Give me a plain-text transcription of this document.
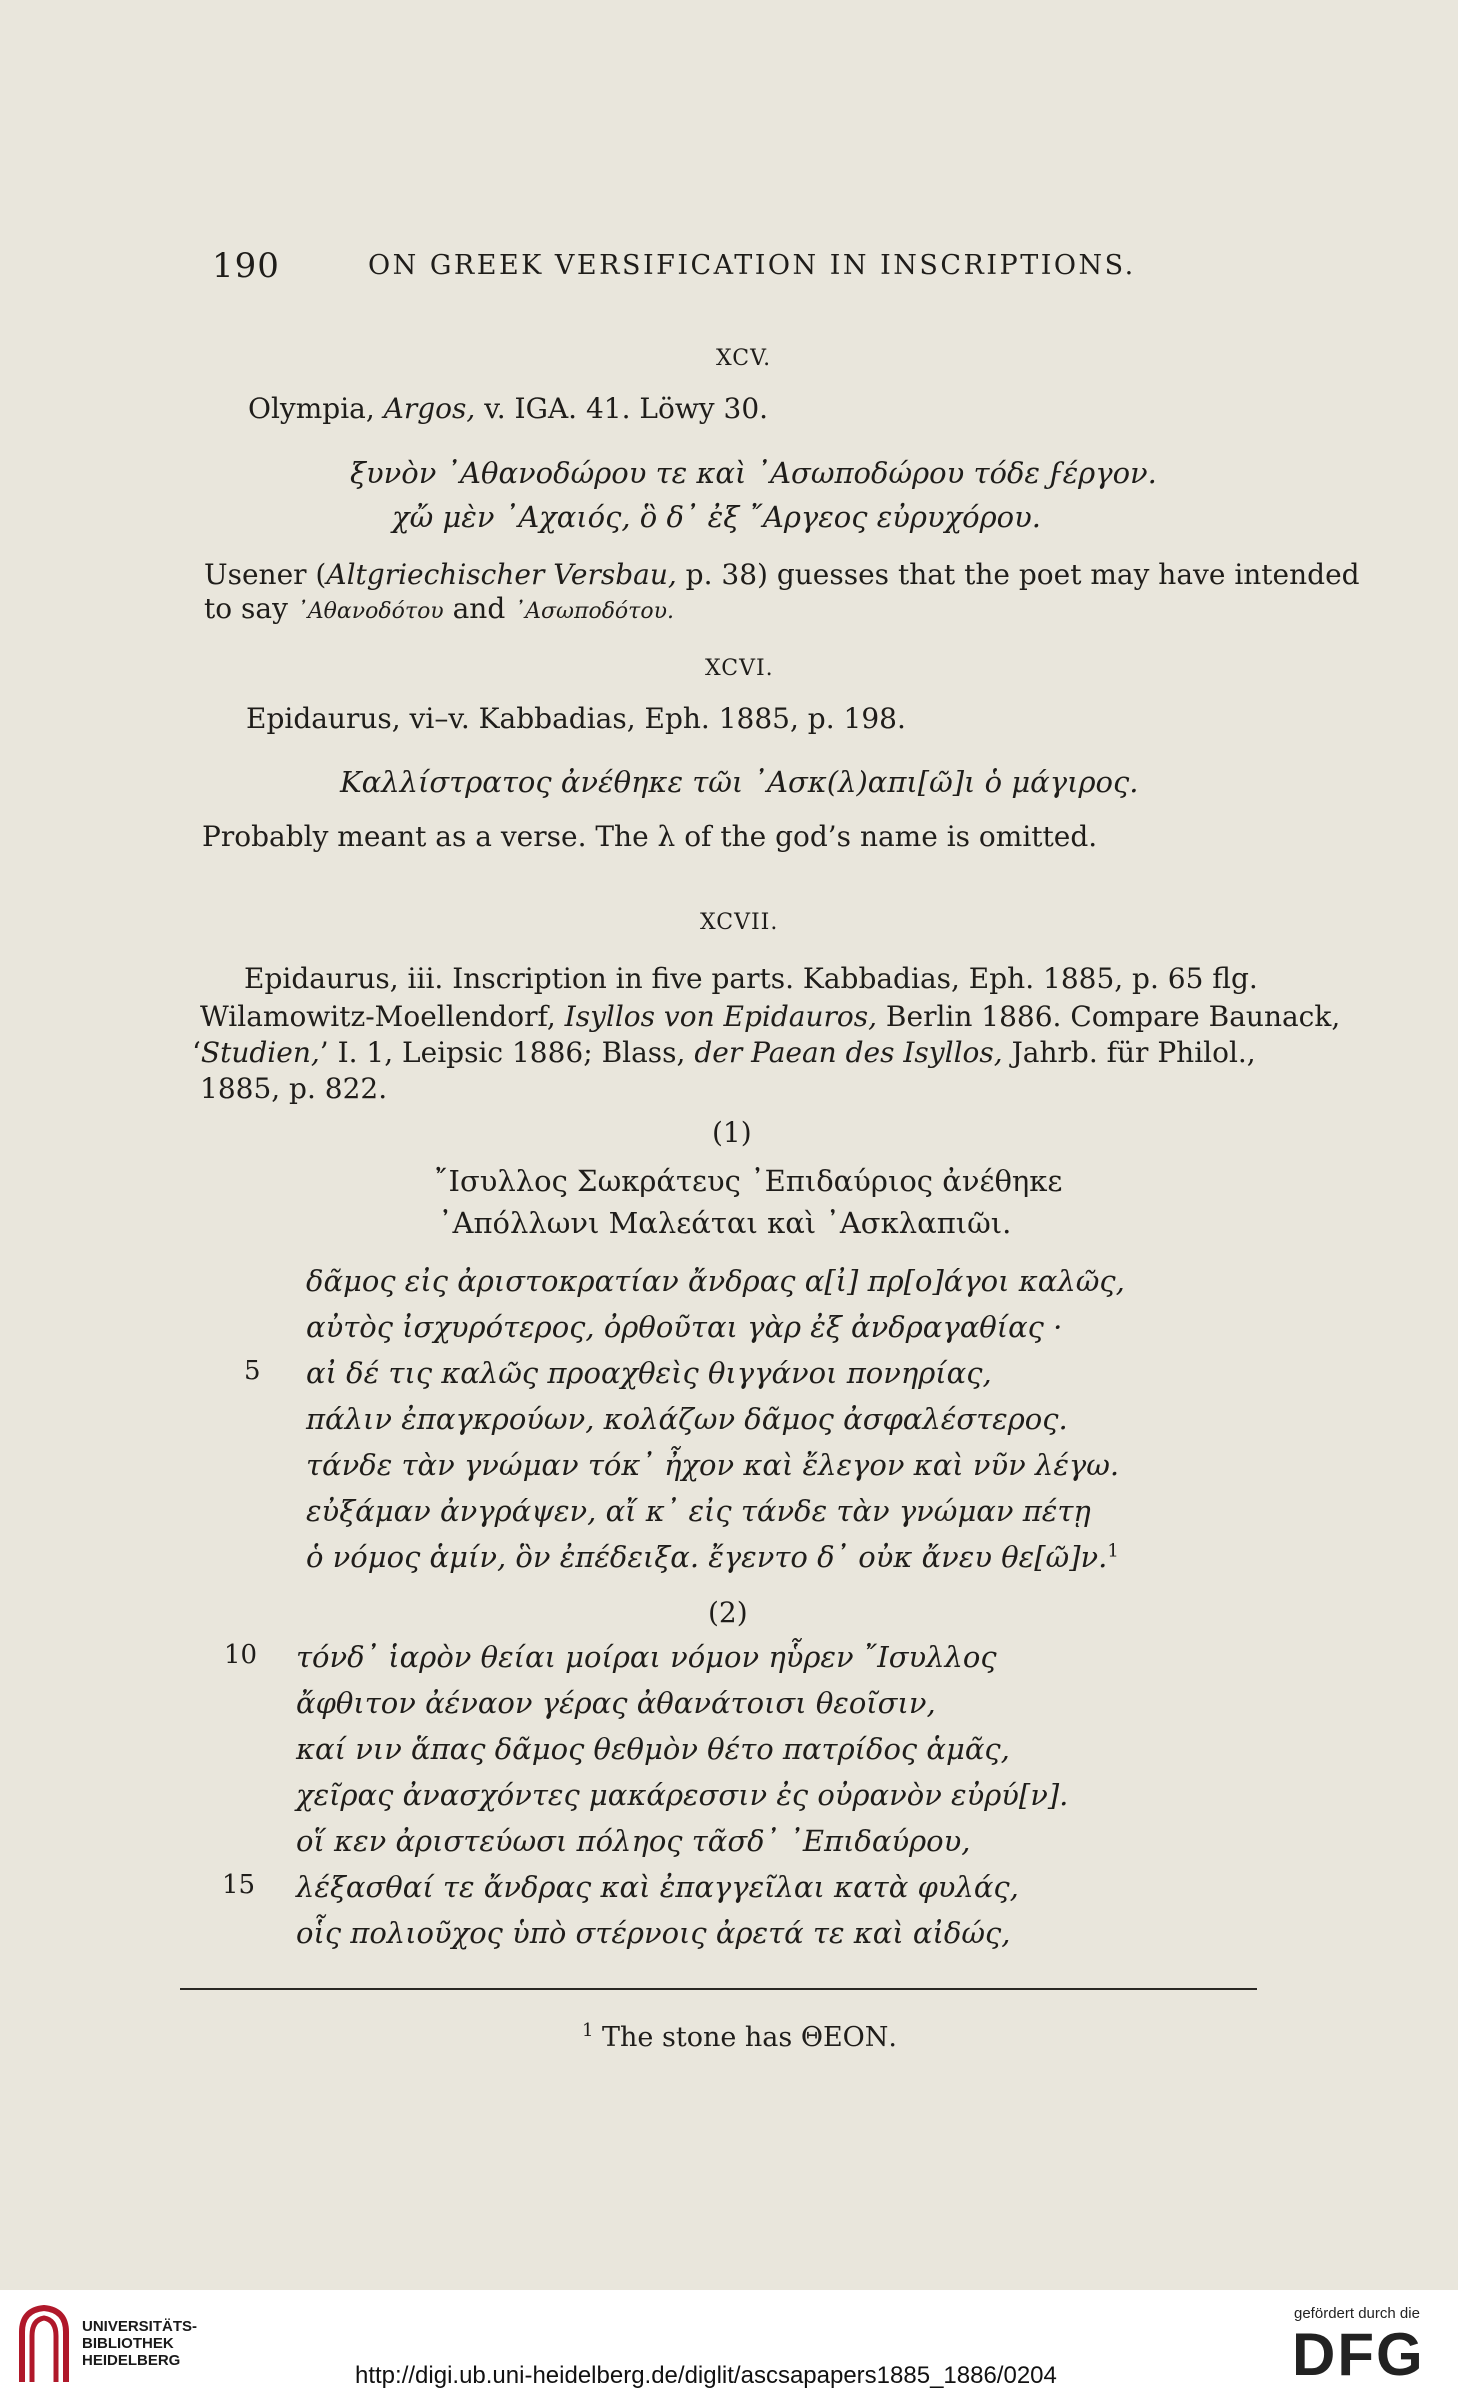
190	ON GREEK VERSIFICATION IN INSCRIPTIONS.
XCV.
Olympia, Argos, v. IGA. 41. Löwy 30.
ξυνὸν ᾿Αθανοδώρου τε καὶ ᾿Ασωποδώρου τόδε ϝέργον.
χὤ μὲν ᾿Αχαιός, ὃ δ᾿ ἐξ ῎Αργεος εὐρυχόρου.
Usener (Altgriechischer Versbau, p. 38) guesses that the poet may have intended
to say ᾿Αθανοδότου and ᾿Ασωποδότου.
XCVI.
Epidaurus, vi–v. Kabbadias, Eph. 1885, p. 198.
Καλλίστρατος ἀνέθηκε τῶι ᾿Ασκ(λ)απι[ῶ]ι ὁ μάγιρος.
Probably meant as a verse. The λ of the god’s name is omitted.
XCVII.
Epidaurus, iii. Inscription in five parts. Kabbadias, Eph. 1885, p. 65 flg.
Wilamowitz-Moellendorf, Isyllos von Epidauros, Berlin 1886. Compare Baunack,
‘Studien,’ I. 1, Leipsic 1886; Blass, der Paean des Isyllos, Jahrb. für Philol.,
1885, p. 822.
(1)
῎Ισυλλος Σωκράτευς ᾿Επιδαύριος ἀνέθηκε
᾿Απόλλωνι Μαλεάται καὶ ᾿Ασκλαπιῶι.
δᾶμος εἰς ἀριστοκρατίαν ἄνδρας α[ἰ] πρ[ο]άγοι καλῶς,
αὐτὸς ἰσχυρότερος, ὀρθοῦται γὰρ ἐξ ἀνδραγαθίας ·
5 αἰ δέ τις καλῶς προαχθεὶς θιγγάνοι πονηρίας,
πάλιν ἐπαγκρούων, κολάζων δᾶμος ἀσφαλέστερος.
τάνδε τὰν γνώμαν τόκ᾿ ἦχον καὶ ἔλεγον καὶ νῦν λέγω.
εὐξάμαν ἀνγράψεν, αἴ κ᾿ εἰς τάνδε τὰν γνώμαν πέτῃ
ὁ νόμος ἁμίν, ὃν ἐπέδειξα. ἔγεντο δ᾿ οὐκ ἄνευ θε[ῶ]ν.$^1$
(2)
10 τόνδ᾿ ἱαρὸν θείαι μοίραι νόμον ηὗρεν ῎Ισυλλος
ἄφθιτον ἀέναον γέρας ἀθανάτοισι θεοῖσιν,
καί νιν ἅπας δᾶμος θεθμὸν θέτο πατρίδος ἁμᾶς,
χεῖρας ἀνασχόντες μακάρεσσιν ἐς οὐρανὸν εὐρύ[ν].
οἵ κεν ἀριστεύωσι πόληος τᾶσδ᾿ ᾿Επιδαύρου,
15 λέξασθαί τε ἄνδρας καὶ ἐπαγγεῖλαι κατὰ φυλάς,
οἷς πολιοῦχος ὑπὸ στέρνοις ἀρετά τε καὶ αἰδώς,
$^1$ The stone has ΘΕΟΝ.
UNIVERSITÄTS-
BIBLIOTHEK
HEIDELBERG
http://digi.ub.uni-heidelberg.de/diglit/ascsapapers1885_1886/0204
gefördert durch die
DFG
